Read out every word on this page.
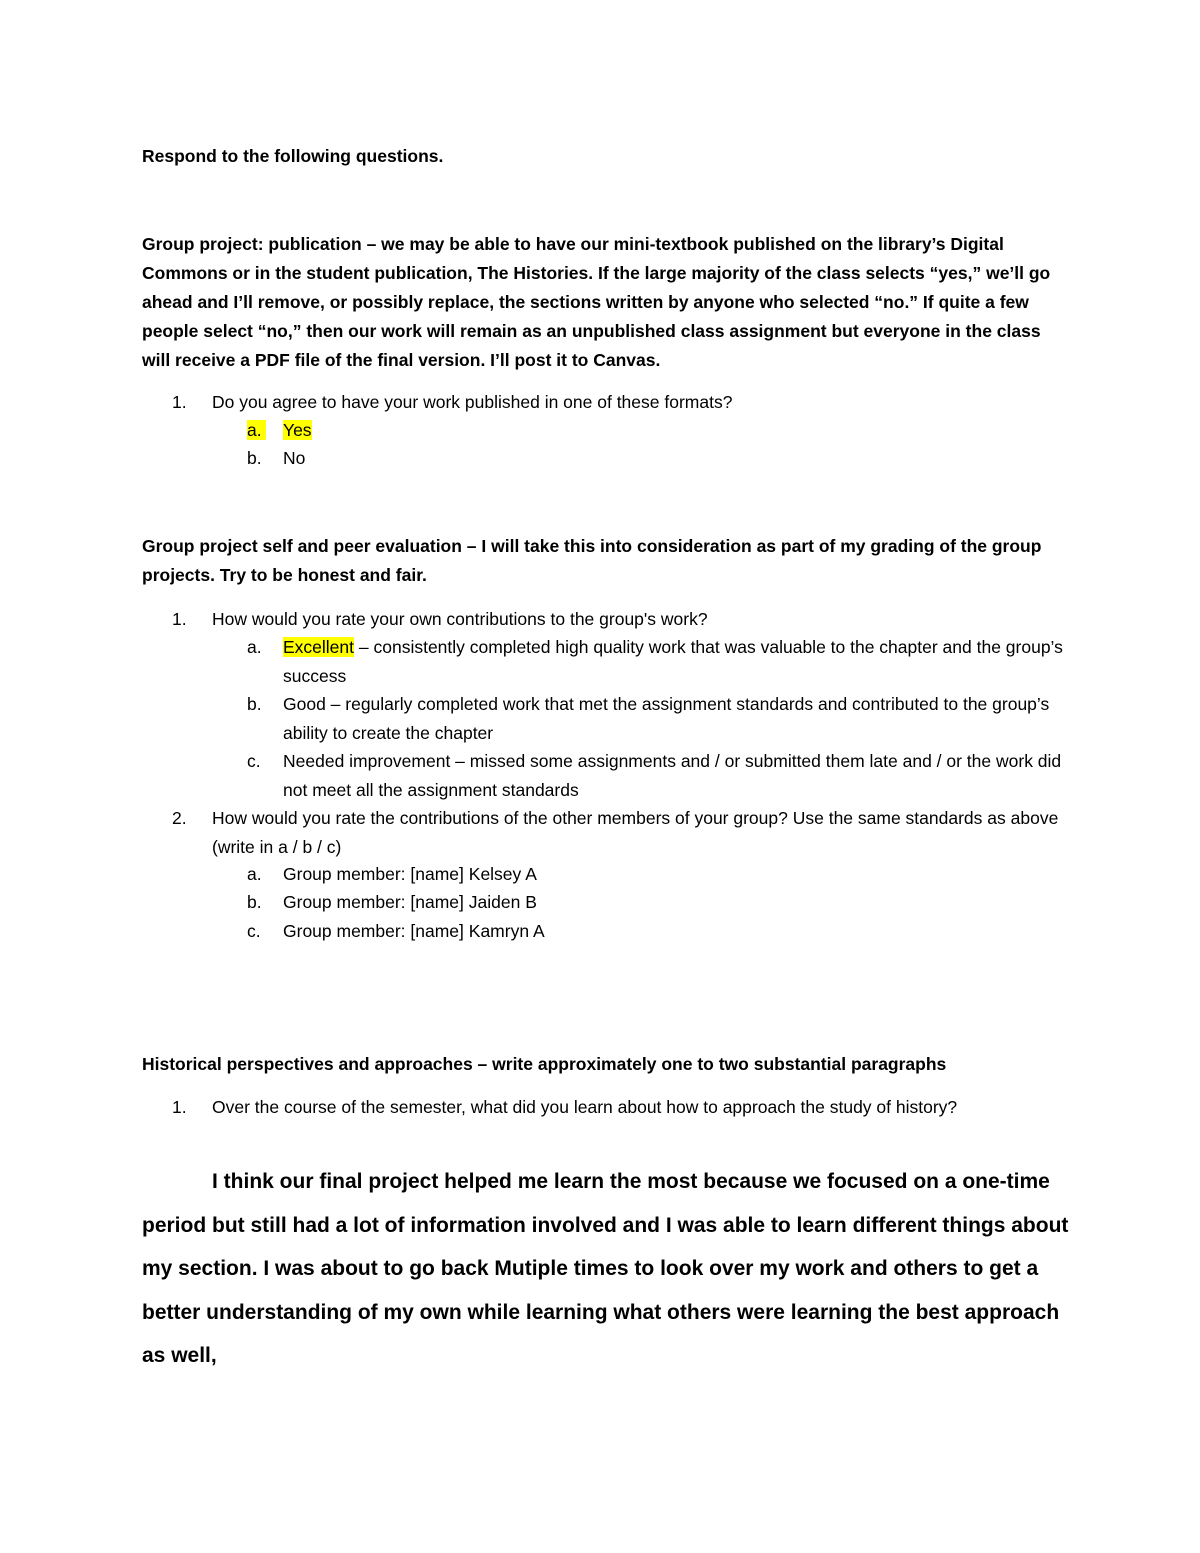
Respond to the following questions.
Group project: publication – we may be able to have our mini-textbook published on the library’s Digital Commons or in the student publication, The Histories. If the large majority of the class selects “yes,” we’ll go ahead and I’ll remove, or possibly replace, the sections written by anyone who selected “no.” If quite a few people select “no,” then our work will remain as an unpublished class assignment but everyone in the class will receive a PDF file of the final version. I’ll post it to Canvas.
1. Do you agree to have your work published in one of these formats?
a. Yes
b. No
Group project self and peer evaluation – I will take this into consideration as part of my grading of the group projects. Try to be honest and fair.
1. How would you rate your own contributions to the group's work?
a. Excellent – consistently completed high quality work that was valuable to the chapter and the group’s success
b. Good – regularly completed work that met the assignment standards and contributed to the group’s ability to create the chapter
c. Needed improvement – missed some assignments and / or submitted them late and / or the work did not meet all the assignment standards
2. How would you rate the contributions of the other members of your group? Use the same standards as above (write in a / b / c)
a. Group member: [name] Kelsey A
b. Group member: [name] Jaiden B
c. Group member: [name] Kamryn A
Historical perspectives and approaches – write approximately one to two substantial paragraphs
1. Over the course of the semester, what did you learn about how to approach the study of history?
I think our final project helped me learn the most because we focused on a one-time period but still had a lot of information involved and I was able to learn different things about my section. I was about to go back Mutiple times to look over my work and others to get a better understanding of my own while learning what others were learning the best approach as well,
